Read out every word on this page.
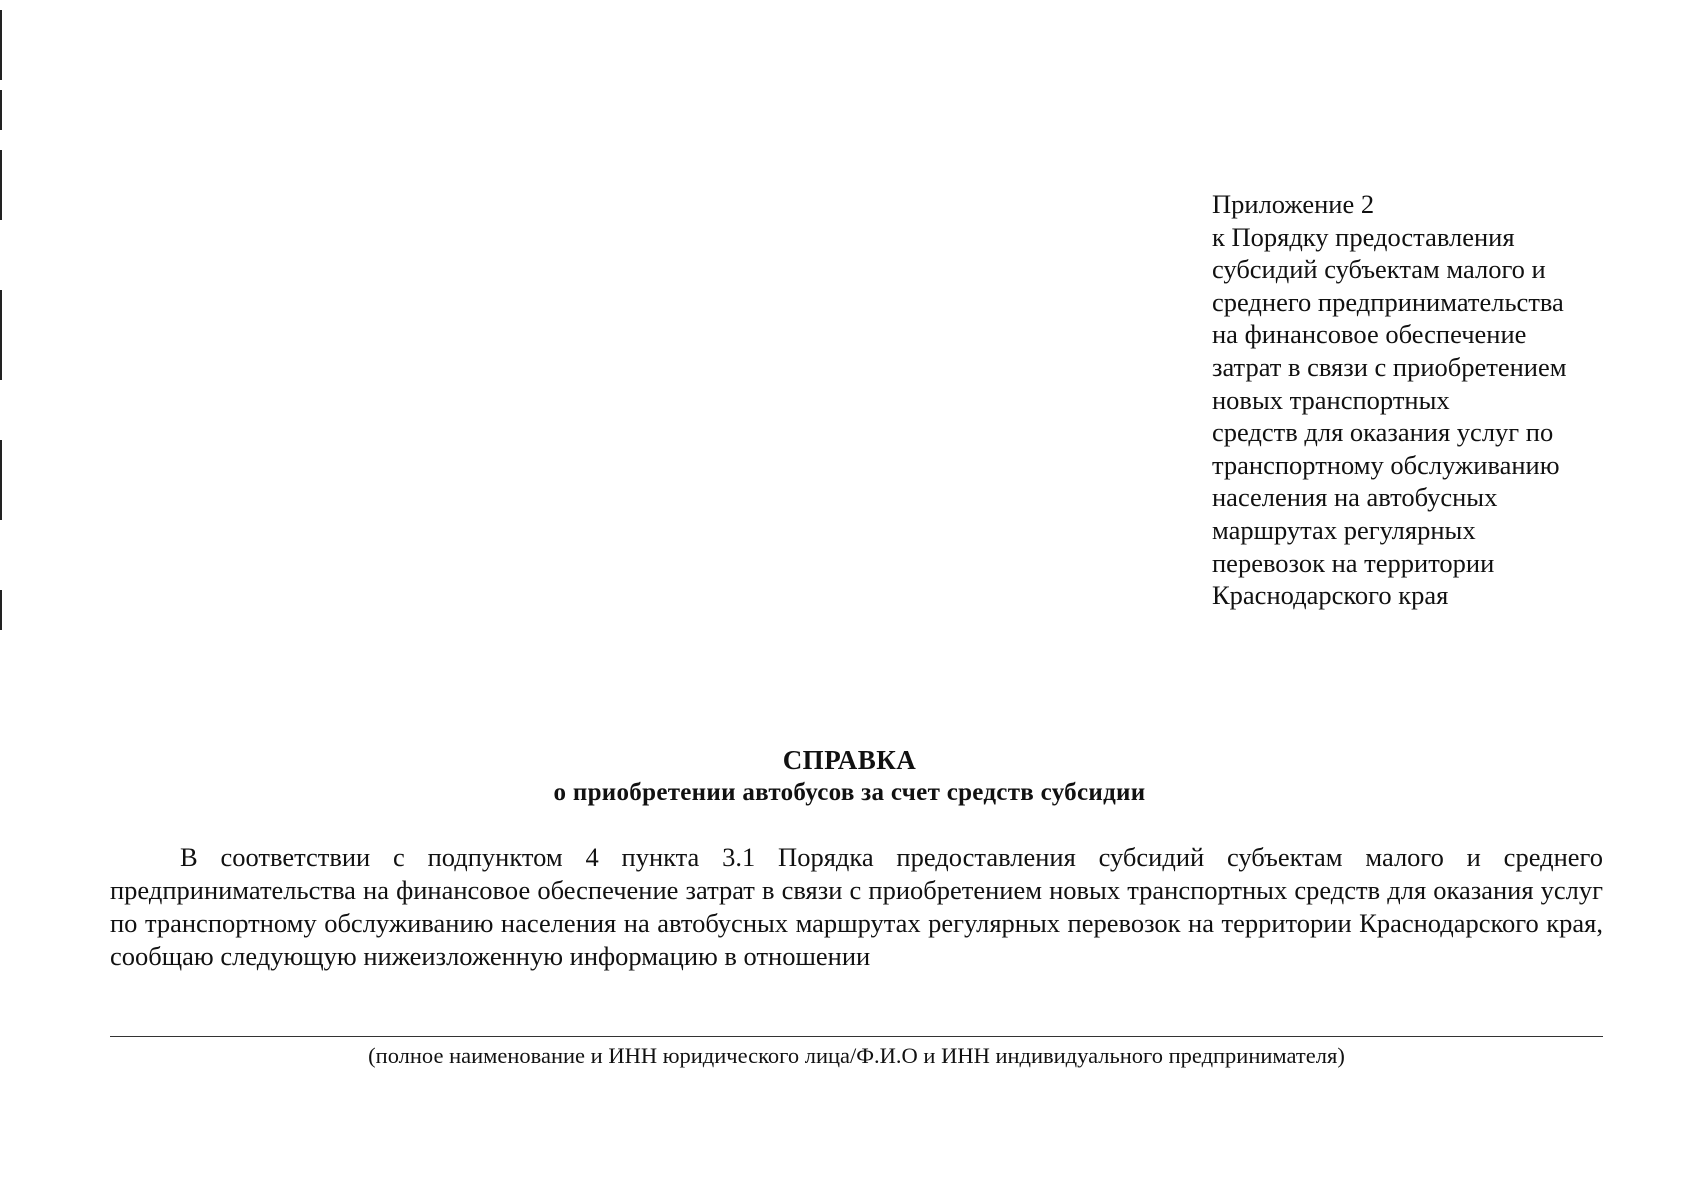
Приложение 2
к Порядку предоставления
субсидий субъектам малого и
среднего предпринимательства
на финансовое обеспечение
затрат в связи с приобретением
новых транспортных
средств для оказания услуг по
транспортному обслуживанию
населения на автобусных
маршрутах регулярных
перевозок на территории
Краснодарского края
СПРАВКА
о приобретении автобусов за счет средств субсидии

В соответствии с подпунктом 4 пункта 3.1 Порядка предоставления субсидий субъектам малого и среднего предпринимательства на финансовое обеспечение затрат в связи с приобретением новых транспортных средств для оказания услуг по транспортному обслуживанию населения на автобусных маршрутах регулярных перевозок на территории Краснодарского края, сообщаю следующую нижеизложенную информацию в отношении

(полное наименование и ИНН юридического лица/Ф.И.О и ИНН индивидуального предпринимателя)
